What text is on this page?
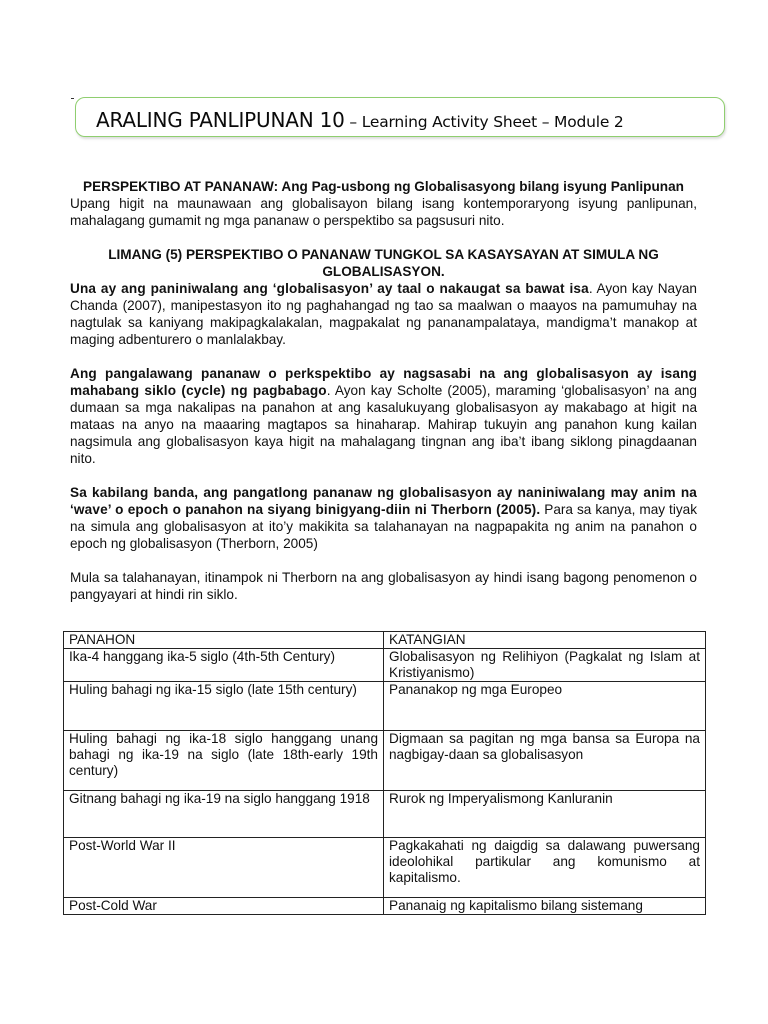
ARALING PANLIPUNAN 10 – Learning Activity Sheet – Module 2
PERSPEKTIBO AT PANANAW: Ang Pag-usbong ng Globalisasyong bilang isyung Panlipunan

Upang higit na maunawaan ang globalisayon bilang isang kontemporaryong isyung panlipunan, mahalagang gumamit ng mga pananaw o perspektibo sa pagsusuri nito.

LIMANG (5) PERSPEKTIBO O PANANAW TUNGKOL SA KASAYSAYAN AT SIMULA NG GLOBALISASYON.

Una ay ang paniniwalang ang ‘globalisasyon’ ay taal o nakaugat sa bawat isa. Ayon kay Nayan Chanda (2007), manipestasyon ito ng paghahangad ng tao sa maalwan o maayos na pamumuhay na nagtulak sa kaniyang makipagkalakalan, magpakalat ng pananampalataya, mandigma’t manakop at maging adbenturero o manlalakbay.

Ang pangalawang pananaw o perkspektibo ay nagsasabi na ang globalisasyon ay isang mahabang siklo (cycle) ng pagbabago. Ayon kay Scholte (2005), maraming ‘globalisasyon’ na ang dumaan sa mga nakalipas na panahon at ang kasalukuyang globalisasyon ay makabago at higit na mataas na anyo na maaaring magtapos sa hinaharap. Mahirap tukuyin ang panahon kung kailan nagsimula ang globalisasyon kaya higit na mahalagang tingnan ang iba’t ibang siklong pinagdaanan nito.

Sa kabilang banda, ang pangatlong pananaw ng globalisasyon ay naniniwalang may anim na ‘wave’ o epoch o panahon na siyang binigyang-diin ni Therborn (2005). Para sa kanya, may tiyak na simula ang globalisasyon at ito’y makikita sa talahanayan na nagpapakita ng anim na panahon o epoch ng globalisasyon (Therborn, 2005)

Mula sa talahanayan, itinampok ni Therborn na ang globalisasyon ay hindi isang bagong penomenon o pangyayari at hindi rin siklo.

PANAHON	KATANGIAN
Ika-4 hanggang ika-5 siglo (4th-5th Century)	Globalisasyon ng Relihiyon (Pagkalat ng Islam at Kristiyanismo)
Huling bahagi ng ika-15 siglo (late 15th century)	Pananakop ng mga Europeo
Huling bahagi ng ika-18 siglo hanggang unang bahagi ng ika-19 na siglo (late 18th-early 19th century)	Digmaan sa pagitan ng mga bansa sa Europa na nagbigay-daan sa globalisasyon
Gitnang bahagi ng ika-19 na siglo hanggang 1918	Rurok ng Imperyalismong Kanluranin
Post-World War II	Pagkakahati ng daigdig sa dalawang puwersang ideolohikal partikular ang komunismo at kapitalismo.
Post-Cold War	Pananaig ng kapitalismo bilang sistemang
